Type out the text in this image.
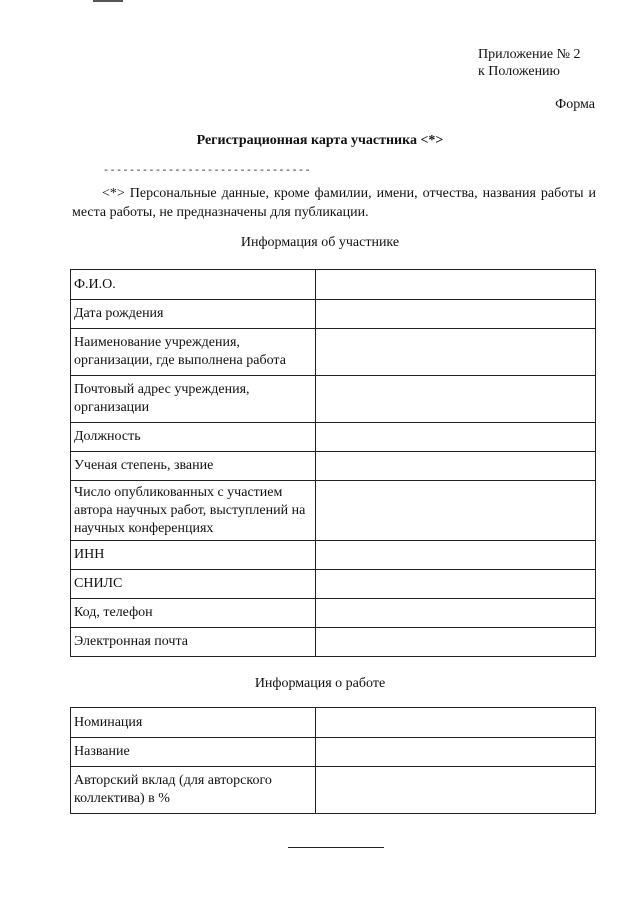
Приложение № 2
к Положению
Форма
Регистрационная карта участника <*>
--------------------------------
<*> Персональные данные, кроме фамилии, имени, отчества, названия работы и места работы, не предназначены для публикации.
Информация об участнике
Ф.И.О.	
Дата рождения	
Наименование учреждения, организации, где выполнена работа	
Почтовый адрес учреждения, организации	
Должность	
Ученая степень, звание	
Число опубликованных с участием автора научных работ, выступлений на научных конференциях	
ИНН	
СНИЛС	
Код, телефон	
Электронная почта	
Информация о работе
Номинация	
Название	
Авторский вклад (для авторского коллектива) в %	
